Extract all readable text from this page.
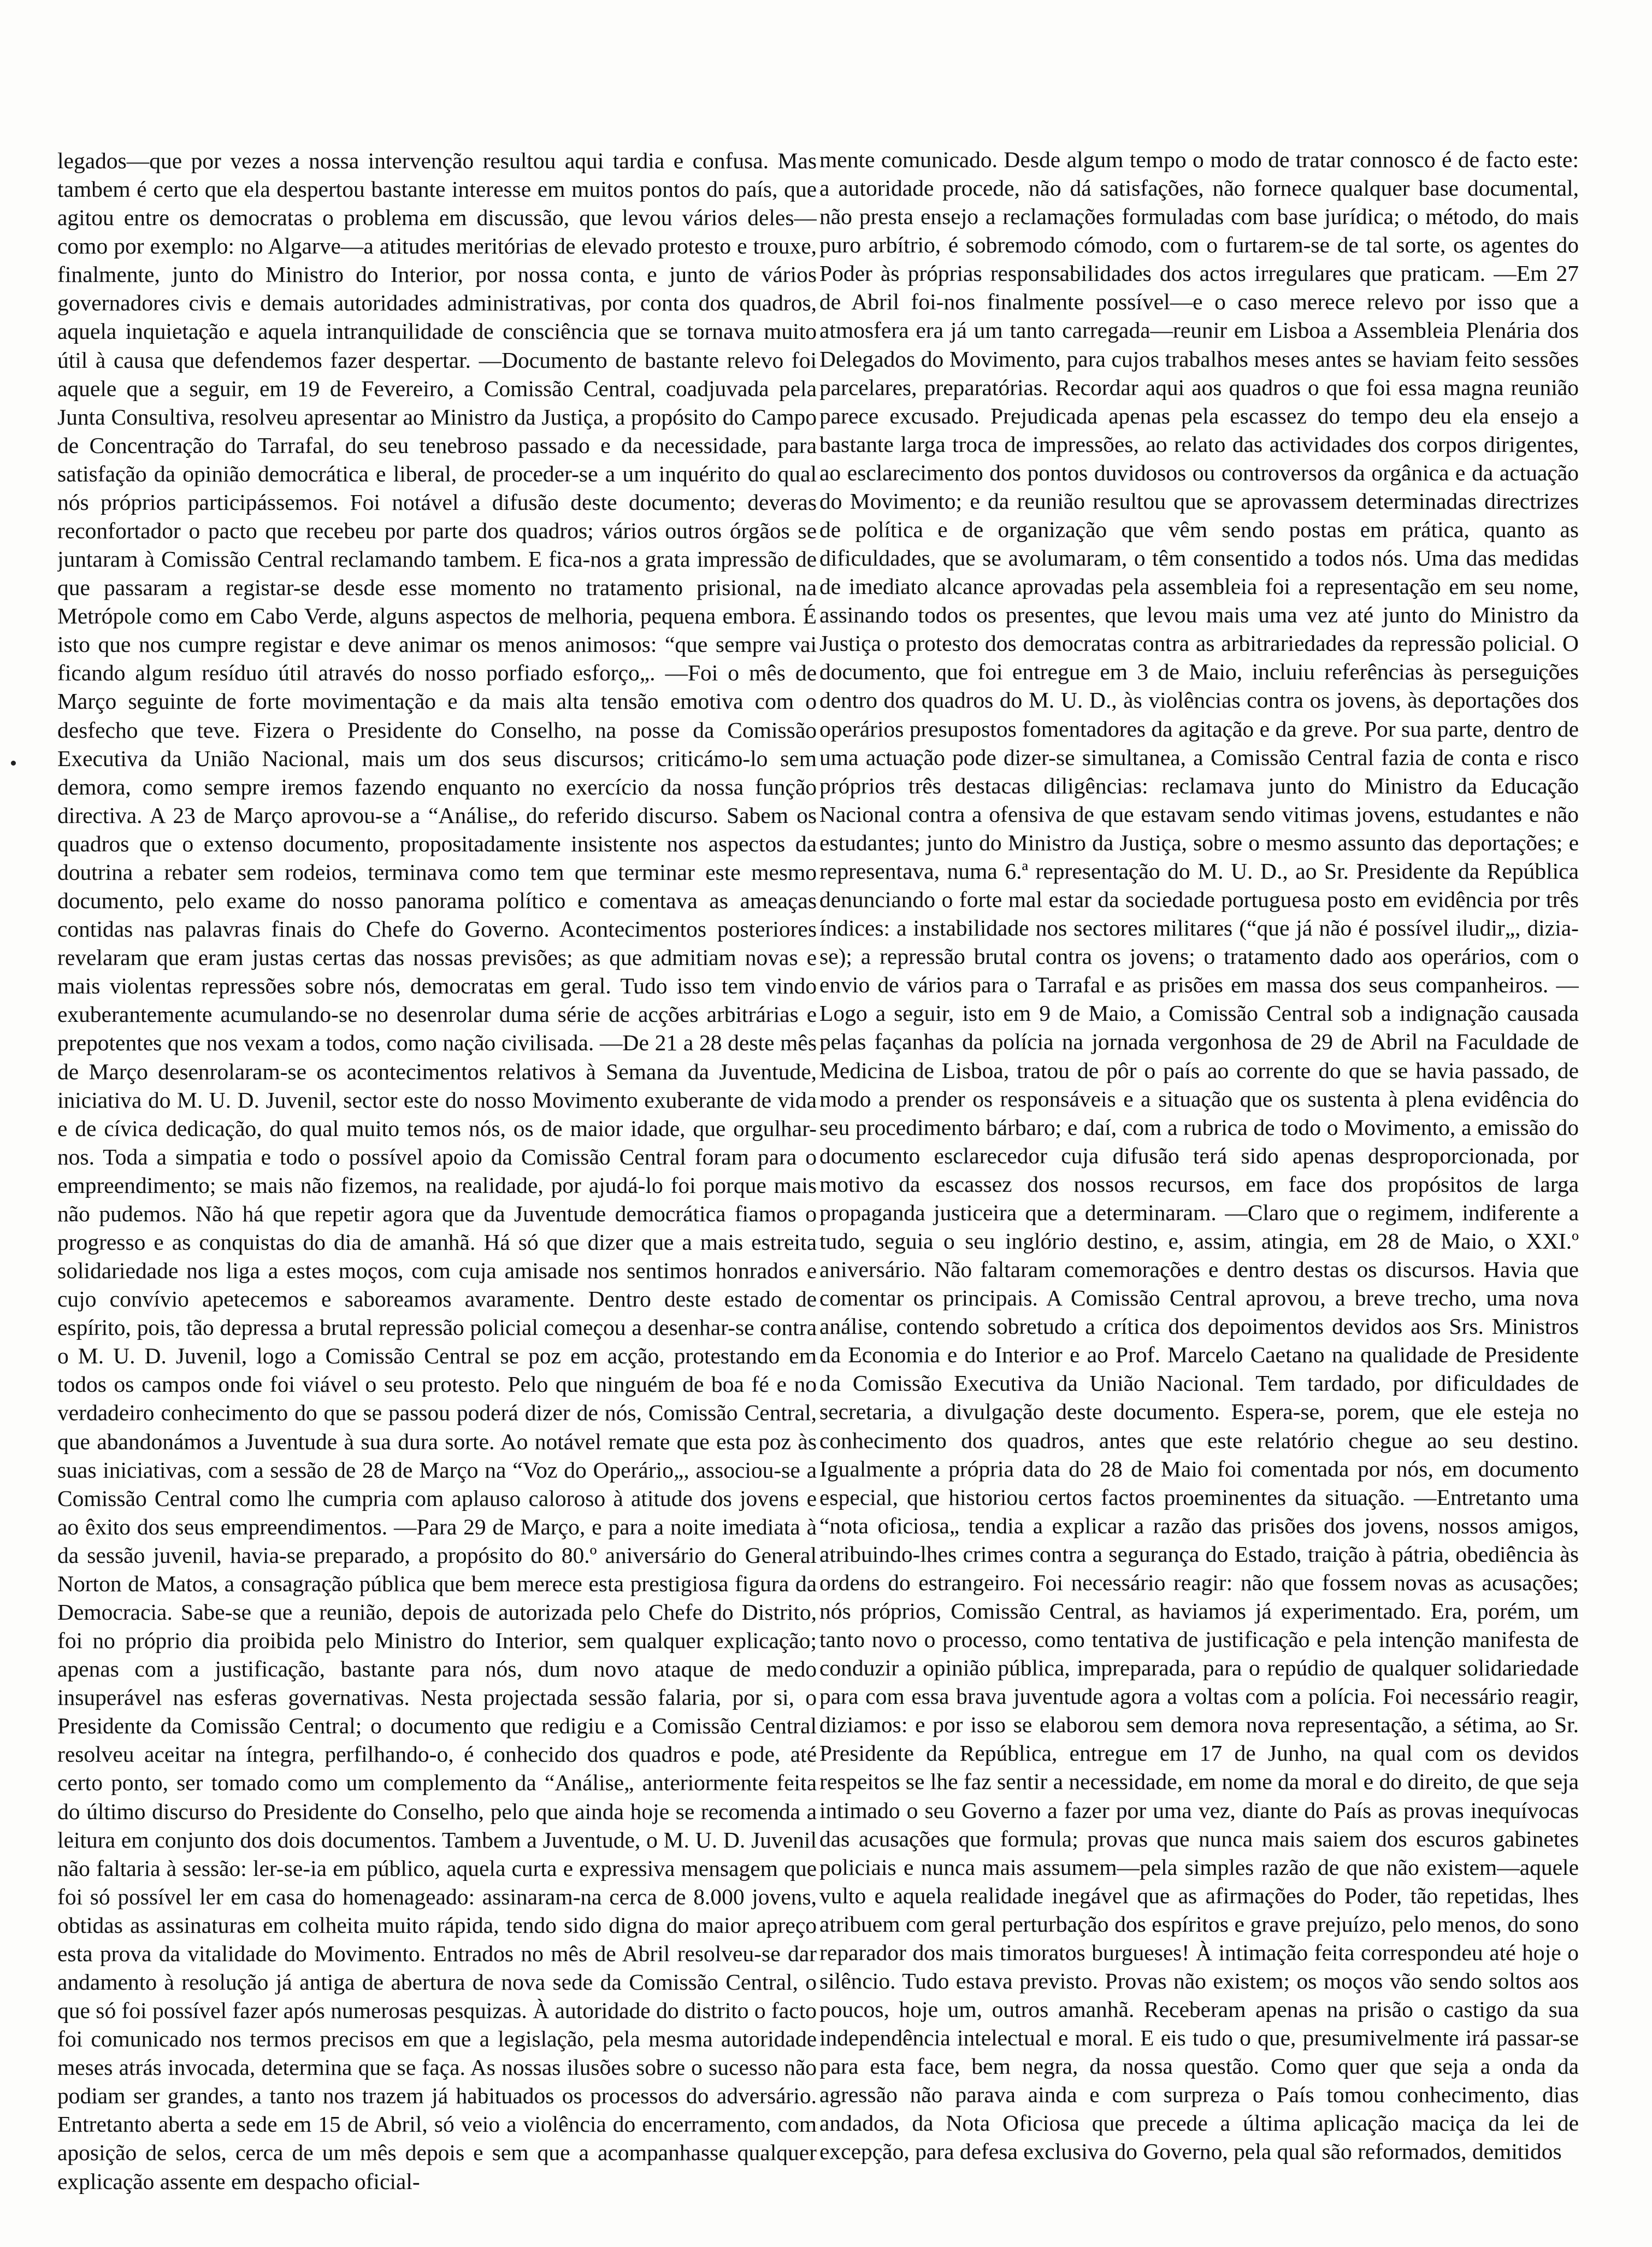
legados—que por vezes a nossa intervenção resultou aqui tardia e confusa. Mas tambem é certo que ela despertou bastante interesse em muitos pontos do país, que agitou entre os democratas o problema em discussão, que levou vários deles—como por exemplo: no Algarve—a atitudes meritórias de elevado protesto e trouxe, finalmente, junto do Ministro do Interior, por nossa conta, e junto de vários governadores civis e demais autoridades administrativas, por conta dos quadros, aquela inquietação e aquela intranquilidade de consciência que se tornava muito útil à causa que defendemos fazer despertar. —Documento de bastante relevo foi aquele que a seguir, em 19 de Fevereiro, a Comissão Central, coadjuvada pela Junta Consultiva, resolveu apresentar ao Ministro da Justiça, a propósito do Campo de Concentração do Tarrafal, do seu tenebroso passado e da necessidade, para satisfação da opinião democrática e liberal, de proceder-se a um inquérito do qual nós próprios participássemos. Foi notável a difusão deste documento; deveras reconfortador o pacto que recebeu por parte dos quadros; vários outros órgãos se juntaram à Comissão Central reclamando tambem. E fica-nos a grata impressão de que passaram a registar-se desde esse momento no tratamento prisional, na Metrópole como em Cabo Verde, alguns aspectos de melhoria, pequena embora. É isto que nos cumpre registar e deve animar os menos animosos: “que sempre vai ficando algum resíduo útil através do nosso porfiado esforço„. —Foi o mês de Março seguinte de forte movimentação e da mais alta tensão emotiva com o desfecho que teve. Fizera o Presidente do Conselho, na posse da Comissão Executiva da União Nacional, mais um dos seus discursos; criticámo-lo sem demora, como sempre iremos fazendo enquanto no exercício da nossa função directiva. A 23 de Março aprovou-se a “Análise„ do referido discurso. Sabem os quadros que o extenso documento, propositadamente insistente nos aspectos da doutrina a rebater sem rodeios, terminava como tem que terminar este mesmo documento, pelo exame do nosso panorama político e comentava as ameaças contidas nas palavras finais do Chefe do Governo. Acontecimentos posteriores revelaram que eram justas certas das nossas previsões; as que admitiam novas e mais violentas repressões sobre nós, democratas em geral. Tudo isso tem vindo exuberantemente acumulando-se no desenrolar duma série de acções arbitrárias e prepotentes que nos vexam a todos, como nação civilisada. —De 21 a 28 deste mês de Março desenrolaram-se os acontecimentos relativos à Semana da Juventude, iniciativa do M. U. D. Juvenil, sector este do nosso Movimento exuberante de vida e de cívica dedicação, do qual muito temos nós, os de maior idade, que orgulhar-nos. Toda a simpatia e todo o possível apoio da Comissão Central foram para o empreendimento; se mais não fizemos, na realidade, por ajudá-lo foi porque mais não pudemos. Não há que repetir agora que da Juventude democrática fiamos o progresso e as conquistas do dia de amanhã. Há só que dizer que a mais estreita solidariedade nos liga a estes moços, com cuja amisade nos sentimos honrados e cujo convívio apetecemos e saboreamos avaramente. Dentro deste estado de espírito, pois, tão depressa a brutal repressão policial começou a desenhar-se contra o M. U. D. Juvenil, logo a Comissão Central se poz em acção, protestando em todos os campos onde foi viável o seu protesto. Pelo que ninguém de boa fé e no verdadeiro conhecimento do que se passou poderá dizer de nós, Comissão Central, que abandonámos a Juventude à sua dura sorte. Ao notável remate que esta poz às suas iniciativas, com a sessão de 28 de Março na “Voz do Operário„, associou-se a Comissão Central como lhe cumpria com aplauso caloroso à atitude dos jovens e ao êxito dos seus empreendimentos. —Para 29 de Março, e para a noite imediata à da sessão juvenil, havia-se preparado, a propósito do 80.º aniversário do General Norton de Matos, a consagração pública que bem merece esta prestigiosa figura da Democracia. Sabe-se que a reunião, depois de autorizada pelo Chefe do Distrito, foi no próprio dia proibida pelo Ministro do Interior, sem qualquer explicação; apenas com a justificação, bastante para nós, dum novo ataque de medo insuperável nas esferas governativas. Nesta projectada sessão falaria, por si, o Presidente da Comissão Central; o documento que redigiu e a Comissão Central resolveu aceitar na íntegra, perfilhando-o, é conhecido dos quadros e pode, até certo ponto, ser tomado como um complemento da “Análise„ anteriormente feita do último discurso do Presidente do Conselho, pelo que ainda hoje se recomenda a leitura em conjunto dos dois documentos. Tambem a Juventude, o M. U. D. Juvenil não faltaria à sessão: ler-se-ia em público, aquela curta e expressiva mensagem que foi só possível ler em casa do homenageado: assinaram-na cerca de 8.000 jovens, obtidas as assinaturas em colheita muito rápida, tendo sido digna do maior apreço esta prova da vitalidade do Movimento. Entrados no mês de Abril resolveu-se dar andamento à resolução já antiga de abertura de nova sede da Comissão Central, o que só foi possível fazer após numerosas pesquizas. À autoridade do distrito o facto foi comunicado nos termos precisos em que a legislação, pela mesma autoridade meses atrás invocada, determina que se faça. As nossas ilusões sobre o sucesso não podiam ser grandes, a tanto nos trazem já habituados os processos do adversário. Entretanto aberta a sede em 15 de Abril, só veio a violência do encerramento, com aposição de selos, cerca de um mês depois e sem que a acompanhasse qualquer explicação assente em despacho oficial-

mente comunicado. Desde algum tempo o modo de tratar connosco é de facto este: a autoridade procede, não dá satisfações, não fornece qualquer base documental, não presta ensejo a reclamações formuladas com base jurídica; o método, do mais puro arbítrio, é sobremodo cómodo, com o furtarem-se de tal sorte, os agentes do Poder às próprias responsabilidades dos actos irregulares que praticam. —Em 27 de Abril foi-nos finalmente possível—e o caso merece relevo por isso que a atmosfera era já um tanto carregada—reunir em Lisboa a Assembleia Plenária dos Delegados do Movimento, para cujos trabalhos meses antes se haviam feito sessões parcelares, preparatórias. Recordar aqui aos quadros o que foi essa magna reunião parece excusado. Prejudicada apenas pela escassez do tempo deu ela ensejo a bastante larga troca de impressões, ao relato das actividades dos corpos dirigentes, ao esclarecimento dos pontos duvidosos ou controversos da orgânica e da actuação do Movimento; e da reunião resultou que se aprovassem determinadas directrizes de política e de organização que vêm sendo postas em prática, quanto as dificuldades, que se avolumaram, o têm consentido a todos nós. Uma das medidas de imediato alcance aprovadas pela assembleia foi a representação em seu nome, assinando todos os presentes, que levou mais uma vez até junto do Ministro da Justiça o protesto dos democratas contra as arbitrariedades da repressão policial. O documento, que foi entregue em 3 de Maio, incluiu referências às perseguições dentro dos quadros do M. U. D., às violências contra os jovens, às deportações dos operários presupostos fomentadores da agitação e da greve. Por sua parte, dentro de uma actuação pode dizer-se simultanea, a Comissão Central fazia de conta e risco próprios três destacas diligências: reclamava junto do Ministro da Educação Nacional contra a ofensiva de que estavam sendo vitimas jovens, estudantes e não estudantes; junto do Ministro da Justiça, sobre o mesmo assunto das deportações; e representava, numa 6.ª representação do M. U. D., ao Sr. Presidente da República denunciando o forte mal estar da sociedade portuguesa posto em evidência por três índices: a instabilidade nos sectores militares (“que já não é possível iludir„, dizia-se); a repressão brutal contra os jovens; o tratamento dado aos operários, com o envio de vários para o Tarrafal e as prisões em massa dos seus companheiros. —Logo a seguir, isto em 9 de Maio, a Comissão Central sob a indignação causada pelas façanhas da polícia na jornada vergonhosa de 29 de Abril na Faculdade de Medicina de Lisboa, tratou de pôr o país ao corrente do que se havia passado, de modo a prender os responsáveis e a situação que os sustenta à plena evidência do seu procedimento bárbaro; e daí, com a rubrica de todo o Movimento, a emissão do documento esclarecedor cuja difusão terá sido apenas desproporcionada, por motivo da escassez dos nossos recursos, em face dos propósitos de larga propaganda justiceira que a determinaram. —Claro que o regimem, indiferente a tudo, seguia o seu inglório destino, e, assim, atingia, em 28 de Maio, o XXI.º aniversário. Não faltaram comemorações e dentro destas os discursos. Havia que comentar os principais. A Comissão Central aprovou, a breve trecho, uma nova análise, contendo sobretudo a crítica dos depoimentos devidos aos Srs. Ministros da Economia e do Interior e ao Prof. Marcelo Caetano na qualidade de Presidente da Comissão Executiva da União Nacional. Tem tardado, por dificuldades de secretaria, a divulgação deste documento. Espera-se, porem, que ele esteja no conhecimento dos quadros, antes que este relatório chegue ao seu destino. Igualmente a própria data do 28 de Maio foi comentada por nós, em documento especial, que historiou certos factos proeminentes da situação. —Entretanto uma “nota oficiosa„ tendia a explicar a razão das prisões dos jovens, nossos amigos, atribuindo-lhes crimes contra a segurança do Estado, traição à pátria, obediência às ordens do estrangeiro. Foi necessário reagir: não que fossem novas as acusações; nós próprios, Comissão Central, as haviamos já experimentado. Era, porém, um tanto novo o processo, como tentativa de justificação e pela intenção manifesta de conduzir a opinião pública, impreparada, para o repúdio de qualquer solidariedade para com essa brava juventude agora a voltas com a polícia. Foi necessário reagir, diziamos: e por isso se elaborou sem demora nova representação, a sétima, ao Sr. Presidente da República, entregue em 17 de Junho, na qual com os devidos respeitos se lhe faz sentir a necessidade, em nome da moral e do direito, de que seja intimado o seu Governo a fazer por uma vez, diante do País as provas inequívocas das acusações que formula; provas que nunca mais saiem dos escuros gabinetes policiais e nunca mais assumem—pela simples razão de que não existem—aquele vulto e aquela realidade inegável que as afirmações do Poder, tão repetidas, lhes atribuem com geral perturbação dos espíritos e grave prejuízo, pelo menos, do sono reparador dos mais timoratos burgueses! À intimação feita correspondeu até hoje o silêncio. Tudo estava previsto. Provas não existem; os moços vão sendo soltos aos poucos, hoje um, outros amanhã. Receberam apenas na prisão o castigo da sua independência intelectual e moral. E eis tudo o que, presumivelmente irá passar-se para esta face, bem negra, da nossa questão. Como quer que seja a onda da agressão não parava ainda e com surpreza o País tomou conhecimento, dias andados, da Nota Oficiosa que precede a última aplicação maciça da lei de excepção, para defesa exclusiva do Governo, pela qual são reformados, demitidos
